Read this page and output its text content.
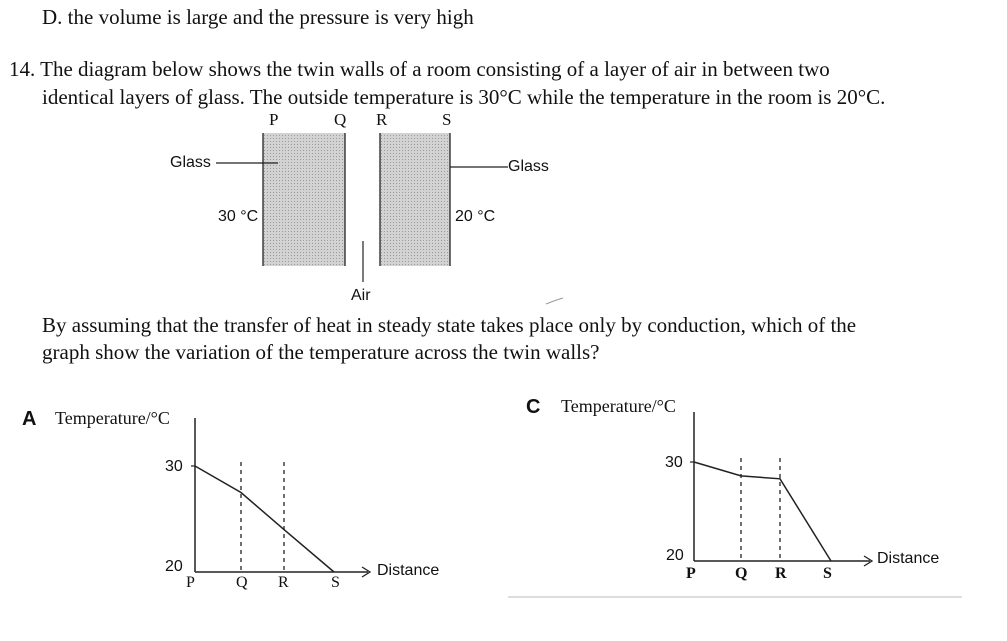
D. the volume is large and the pressure is very high
14. The diagram below shows the twin walls of a room consisting of a layer of air in between two
identical layers of glass. The outside temperature is 30°C while the temperature in the room is 20°C.
P	Q R	S
Glass	Glass
30 °C	20 °C
Air
By assuming that the transfer of heat in steady state takes place only by conduction, which of the
graph show the variation of the temperature across the twin walls?
A Temperature/°C
30
20	Distance
P	Q R	S
C Temperature/°C
30
20	Distance
P Q R S
